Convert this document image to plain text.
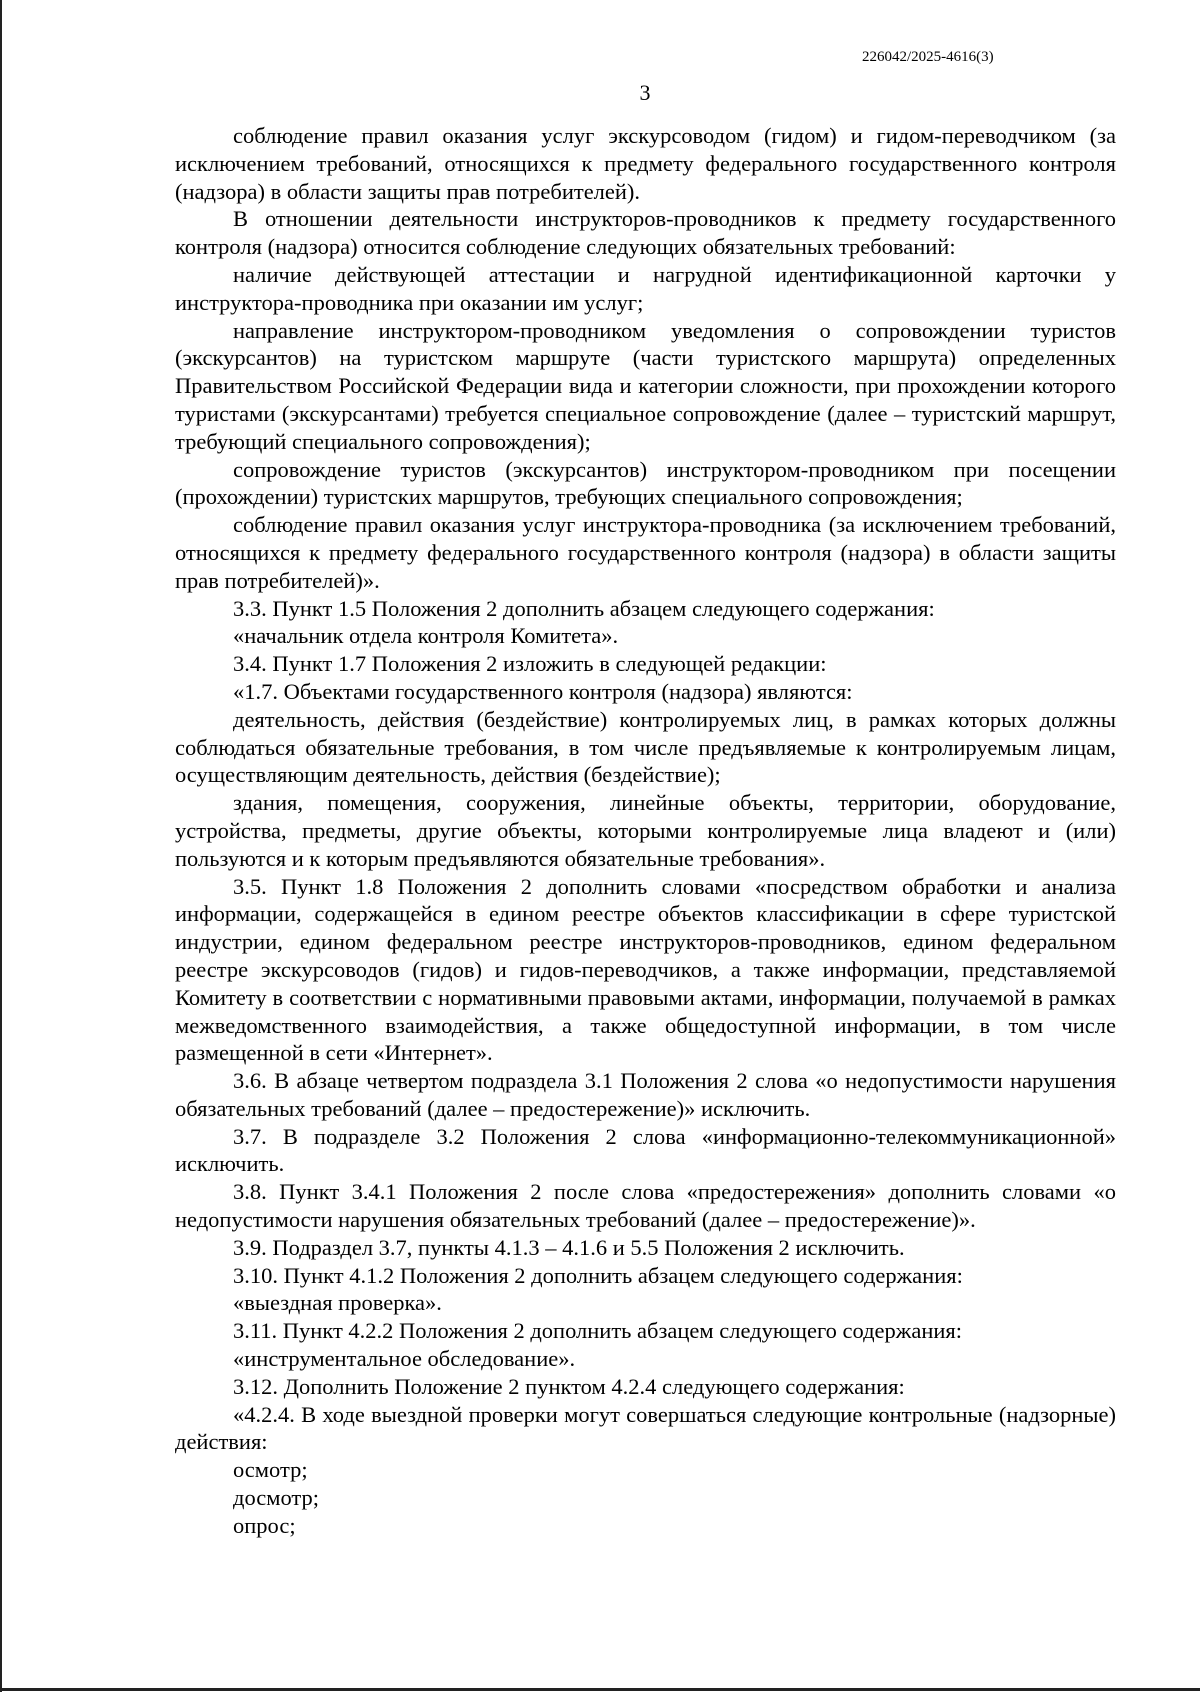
226042/2025-4616(3)
3

соблюдение правил оказания услуг экскурсоводом (гидом) и гидом-переводчиком (за исключением требований, относящихся к предмету федерального государственного контроля (надзора) в области защиты прав потребителей).

В отношении деятельности инструкторов-проводников к предмету государственного контроля (надзора) относится соблюдение следующих обязательных требований:

наличие действующей аттестации и нагрудной идентификационной карточки у инструктора-проводника при оказании им услуг;

направление инструктором-проводником уведомления о сопровождении туристов (экскурсантов) на туристском маршруте (части туристского маршрута) определенных Правительством Российской Федерации вида и категории сложности, при прохождении которого туристами (экскурсантами) требуется специальное сопровождение (далее – туристский маршрут, требующий специального сопровождения);

сопровождение туристов (экскурсантов) инструктором-проводником при посещении (прохождении) туристских маршрутов, требующих специального сопровождения;

соблюдение правил оказания услуг инструктора-проводника (за исключением требований, относящихся к предмету федерального государственного контроля (надзора) в области защиты прав потребителей)».

3.3. Пункт 1.5 Положения 2 дополнить абзацем следующего содержания:

«начальник отдела контроля Комитета».

3.4. Пункт 1.7 Положения 2 изложить в следующей редакции:

«1.7. Объектами государственного контроля (надзора) являются:

деятельность, действия (бездействие) контролируемых лиц, в рамках которых должны соблюдаться обязательные требования, в том числе предъявляемые к контролируемым лицам, осуществляющим деятельность, действия (бездействие);

здания, помещения, сооружения, линейные объекты, территории, оборудование, устройства, предметы, другие объекты, которыми контролируемые лица владеют и (или) пользуются и к которым предъявляются обязательные требования».

3.5. Пункт 1.8 Положения 2 дополнить словами «посредством обработки и анализа информации, содержащейся в едином реестре объектов классификации в сфере туристской индустрии, едином федеральном реестре инструкторов-проводников, едином федеральном реестре экскурсоводов (гидов) и гидов-переводчиков, а также информации, представляемой Комитету в соответствии с нормативными правовыми актами, информации, получаемой в рамках межведомственного взаимодействия, а также общедоступной информации, в том числе размещенной в сети «Интернет».

3.6. В абзаце четвертом подраздела 3.1 Положения 2 слова «о недопустимости нарушения обязательных требований (далее – предостережение)» исключить.

3.7. В подразделе 3.2 Положения 2 слова «информационно-телекоммуникационной» исключить.

3.8. Пункт 3.4.1 Положения 2 после слова «предостережения» дополнить словами «о недопустимости нарушения обязательных требований (далее – предостережение)».

3.9. Подраздел 3.7, пункты 4.1.3 – 4.1.6 и 5.5 Положения 2 исключить.

3.10. Пункт 4.1.2 Положения 2 дополнить абзацем следующего содержания:

«выездная проверка».

3.11. Пункт 4.2.2 Положения 2 дополнить абзацем следующего содержания:

«инструментальное обследование».

3.12. Дополнить Положение 2 пунктом 4.2.4 следующего содержания:

«4.2.4. В ходе выездной проверки могут совершаться следующие контрольные (надзорные) действия:

осмотр;

досмотр;

опрос;
